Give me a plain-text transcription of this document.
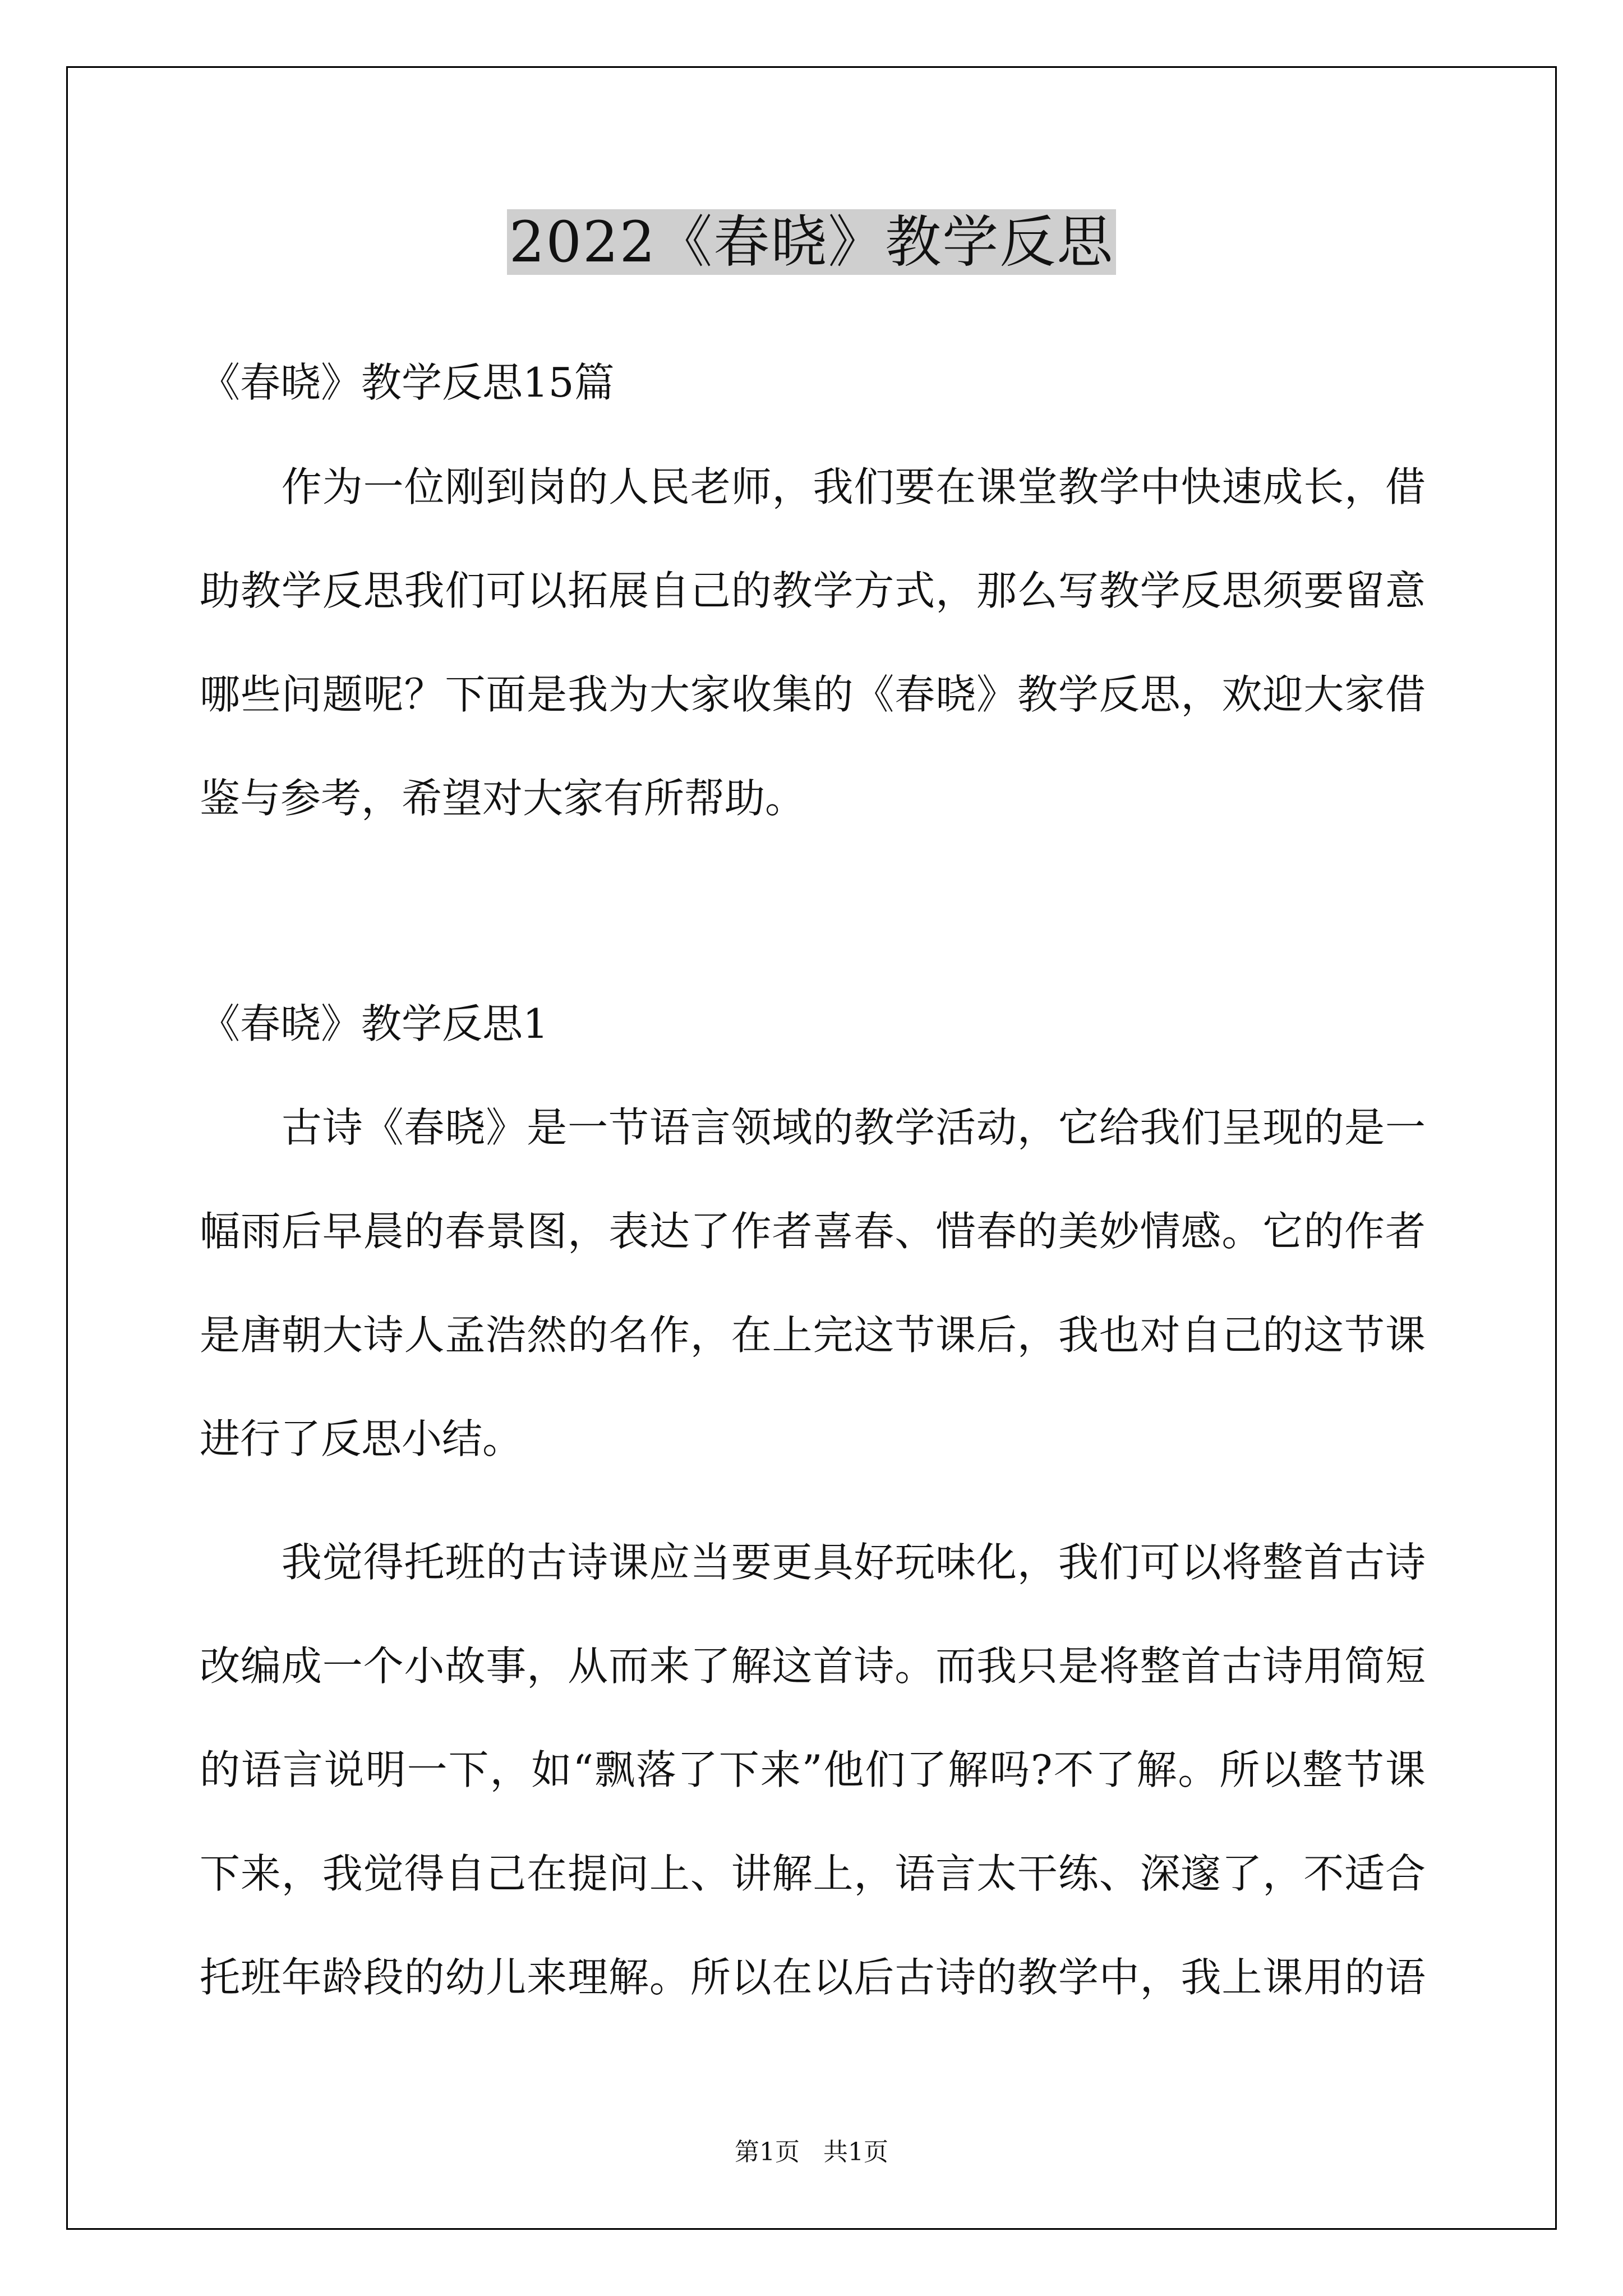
2022《春晓》教学反思
《春晓》教学反思15篇
　　作为一位刚到岗的人民老师，我们要在课堂教学中快速成长，借
助教学反思我们可以拓展自己的教学方式，那么写教学反思须要留意
哪些问题呢？下面是我为大家收集的《春晓》教学反思，欢迎大家借
鉴与参考，希望对大家有所帮助。
《春晓》教学反思1
　　古诗《春晓》是一节语言领域的教学活动，它给我们呈现的是一
幅雨后早晨的春景图，表达了作者喜春、惜春的美妙情感。它的作者
是唐朝大诗人孟浩然的名作，在上完这节课后，我也对自己的这节课
进行了反思小结。
　　我觉得托班的古诗课应当要更具好玩味化，我们可以将整首古诗
改编成一个小故事，从而来了解这首诗。而我只是将整首古诗用简短
的语言说明一下，如“飘落了下来”他们了解吗?不了解。所以整节课
下来，我觉得自己在提问上、讲解上，语言太干练、深邃了，不适合
托班年龄段的幼儿来理解。所以在以后古诗的教学中，我上课用的语
第1页   共1页
